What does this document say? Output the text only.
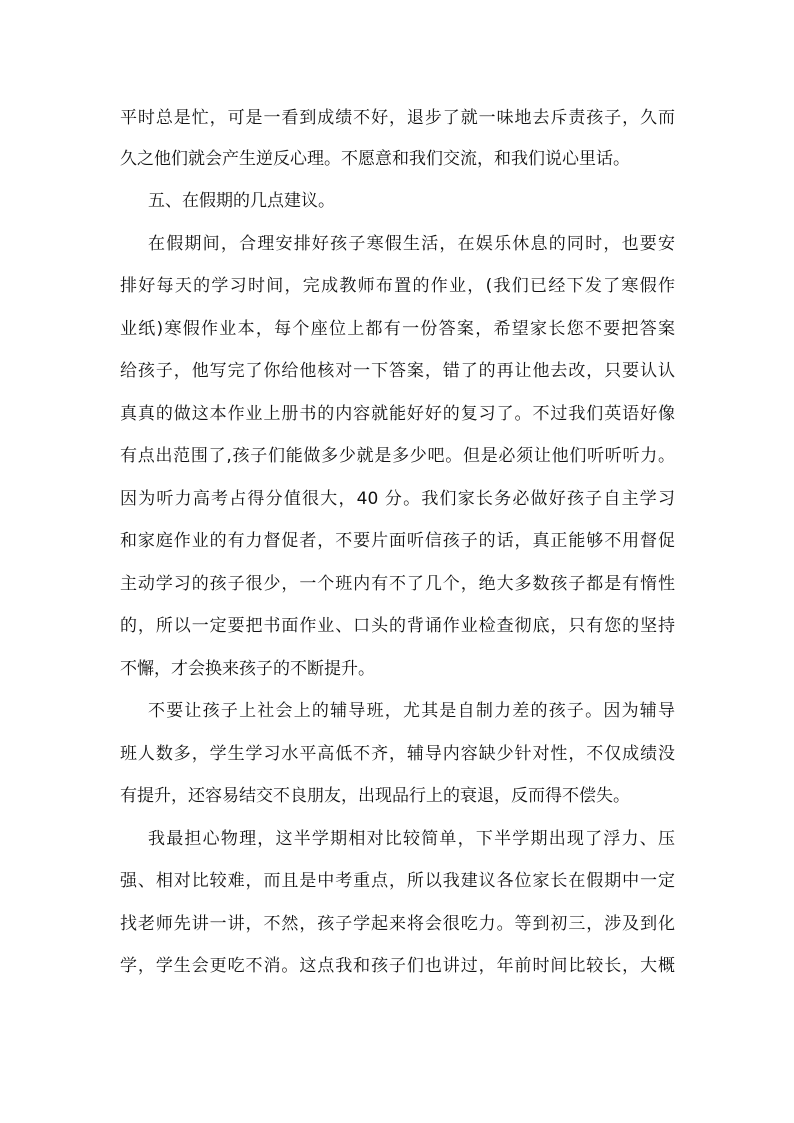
平时总是忙，可是一看到成绩不好，退步了就一味地去斥责孩子，久而
久之他们就会产生逆反心理。不愿意和我们交流，和我们说心里话。
五、在假期的几点建议。
在假期间，合理安排好孩子寒假生活，在娱乐休息的同时，也要安
排好每天的学习时间，完成教师布置的作业，(我们已经下发了寒假作
业纸)寒假作业本，每个座位上都有一份答案，希望家长您不要把答案
给孩子，他写完了你给他核对一下答案，错了的再让他去改，只要认认
真真的做这本作业上册书的内容就能好好的复习了。不过我们英语好像
有点出范围了,孩子们能做多少就是多少吧。但是必须让他们听听听力。
因为听力高考占得分值很大，40 分。我们家长务必做好孩子自主学习
和家庭作业的有力督促者，不要片面听信孩子的话，真正能够不用督促
主动学习的孩子很少，一个班内有不了几个，绝大多数孩子都是有惰性
的，所以一定要把书面作业、口头的背诵作业检查彻底，只有您的坚持
不懈，才会换来孩子的不断提升。
不要让孩子上社会上的辅导班，尤其是自制力差的孩子。因为辅导
班人数多，学生学习水平高低不齐，辅导内容缺少针对性，不仅成绩没
有提升，还容易结交不良朋友，出现品行上的衰退，反而得不偿失。
我最担心物理，这半学期相对比较简单，下半学期出现了浮力、压
强、相对比较难，而且是中考重点，所以我建议各位家长在假期中一定
找老师先讲一讲，不然，孩子学起来将会很吃力。等到初三，涉及到化
学，学生会更吃不消。这点我和孩子们也讲过，年前时间比较长，大概
